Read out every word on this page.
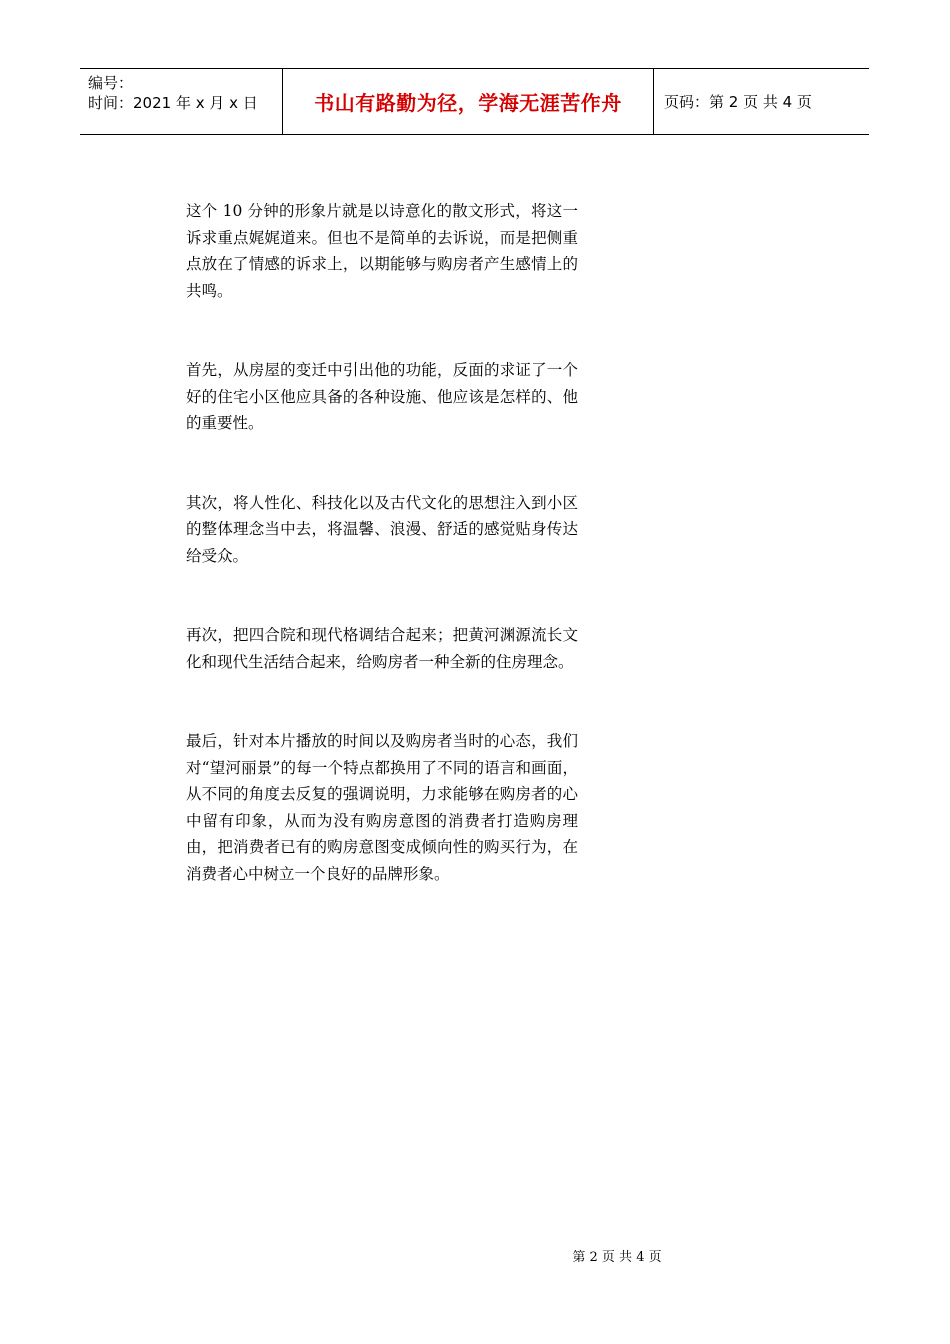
编号：
时间：2021 年 x 月 x 日	书山有路勤为径，学海无涯苦作舟	页码：第 2 页 共 4 页

这个 10 分钟的形象片就是以诗意化的散文形式，将这一诉求重点娓娓道来。但也不是简单的去诉说，而是把侧重点放在了情感的诉求上，以期能够与购房者产生感情上的共鸣。

首先，从房屋的变迁中引出他的功能，反面的求证了一个好的住宅小区他应具备的各种设施、他应该是怎样的、他的重要性。

其次，将人性化、科技化以及古代文化的思想注入到小区的整体理念当中去，将温馨、浪漫、舒适的感觉贴身传达给受众。

再次，把四合院和现代格调结合起来；把黄河渊源流长文化和现代生活结合起来，给购房者一种全新的住房理念。

最后，针对本片播放的时间以及购房者当时的心态，我们对“望河丽景”的每一个特点都换用了不同的语言和画面，从不同的角度去反复的强调说明，力求能够在购房者的心中留有印象，从而为没有购房意图的消费者打造购房理由，把消费者已有的购房意图变成倾向性的购买行为，在消费者心中树立一个良好的品牌形象。

第 2 页 共 4 页
